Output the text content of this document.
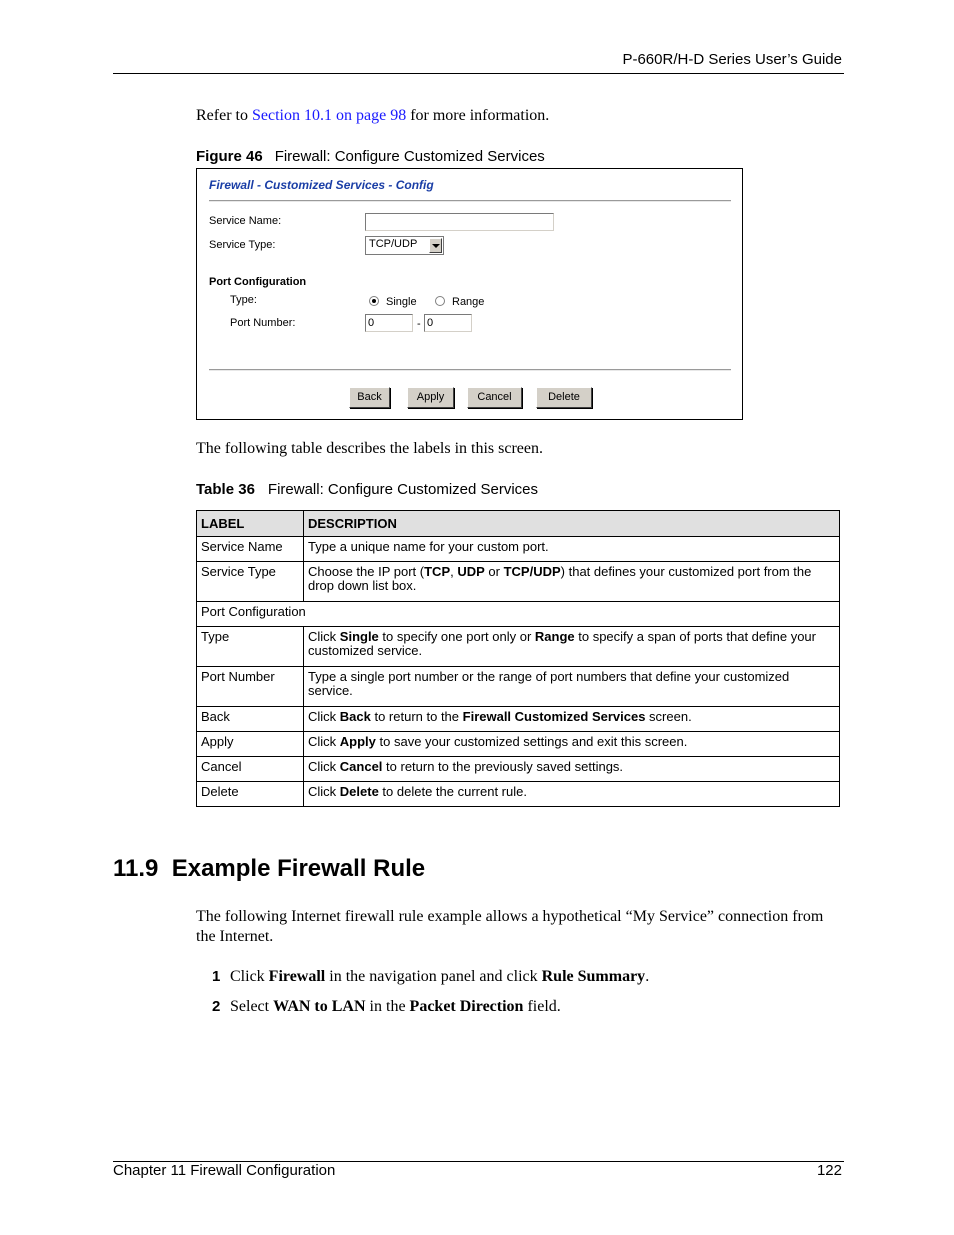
P-660R/H-D Series User’s Guide
Refer to Section 10.1 on page 98 for more information.
Figure 46 Firewall: Configure Customized Services
Firewall - Customized Services - Config
Service Name:
Service Type:	TCP/UDP
Port Configuration
Type:	Single	Range
Port Number:	0	- 0
Back	Apply	Cancel	Delete
The following table describes the labels in this screen.
Table 36 Firewall: Configure Customized Services
LABEL	DESCRIPTION
Service Name	Type a unique name for your custom port.
Service Type	Choose the IP port (TCP, UDP or TCP/UDP) that defines your customized port from the drop down list box.
Port Configuration	
Type	Click Single to specify one port only or Range to specify a span of ports that define your customized service.
Port Number	Type a single port number or the range of port numbers that define your customized service.
Back	Click Back to return to the Firewall Customized Services screen.
Apply	Click Apply to save your customized settings and exit this screen.
Cancel	Click Cancel to return to the previously saved settings.
Delete	Click Delete to delete the current rule.
11.9  Example Firewall Rule
The following Internet firewall rule example allows a hypothetical “My Service” connection from the Internet.
1 Click Firewall in the navigation panel and click Rule Summary.
2 Select WAN to LAN in the Packet Direction field.
Chapter 11 Firewall Configuration	122
